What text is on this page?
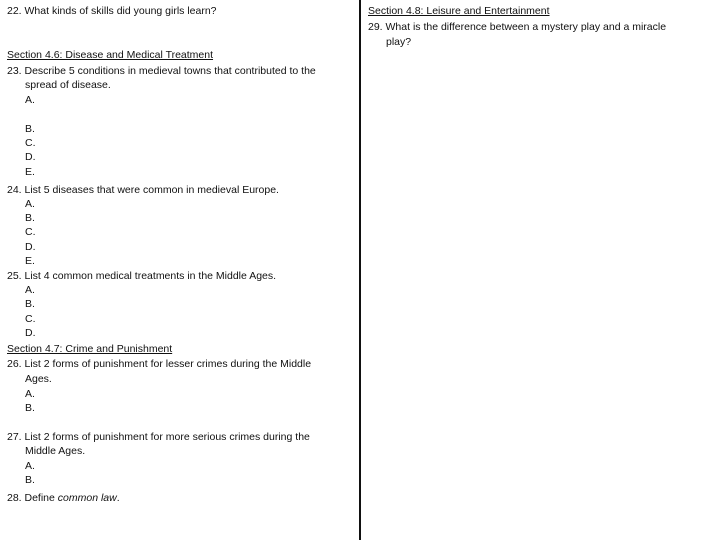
22. What kinds of skills did young girls learn?
Section 4.6: Disease and Medical Treatment
23. Describe 5 conditions in medieval towns that contributed to the
spread of disease.
A.
B.
C.
D.
E.
24. List 5 diseases that were common in medieval Europe.
A.
B.
C.
D.
E.
25. List 4 common medical treatments in the Middle Ages.
A.
B.
C.
D.
Section 4.7: Crime and Punishment
26. List 2 forms of punishment for lesser crimes during the Middle
Ages.
A.
B.
27. List 2 forms of punishment for more serious crimes during the
Middle Ages.
A.
B.
28. Define common law.
Section 4.8: Leisure and Entertainment
29. What is the difference between a mystery play and a miracle
play?
